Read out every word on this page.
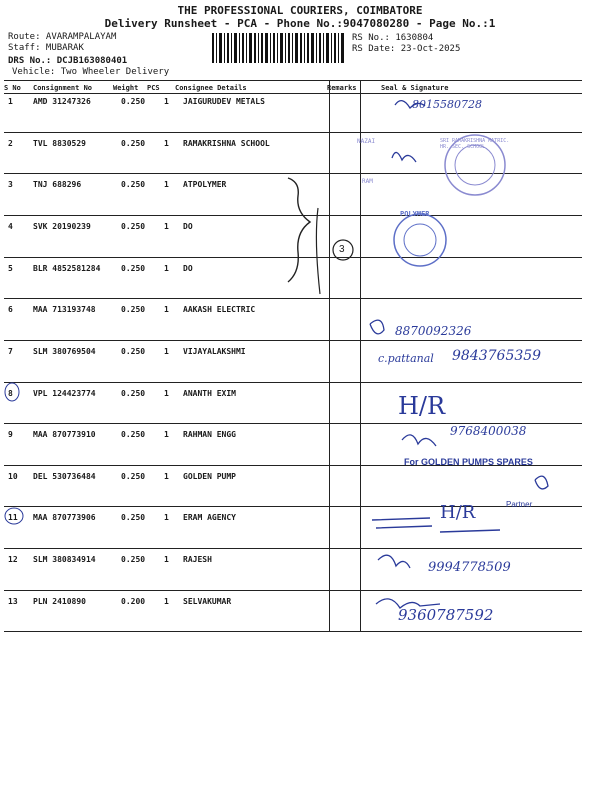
THE PROFESSIONAL COURIERS, COIMBATORE
Delivery Runsheet - PCA - Phone No.:9047080280 - Page No.:1
Route: AVARAMPALAYAM
Staff: MUBARAK
DRS No.: DCJB163080401
Vehicle: Two Wheeler Delivery
RS No.: 1630804
RS Date: 23-Oct-2025
S No Consignment No	Weight PCS Consignee Details	Remarks	Seal & Signature
1	AMD 31247326	0.250 1 JAIGURUDEV METALS
2	TVL 8830529	0.250 1 RAMAKRISHNA SCHOOL
3	TNJ 688296	0.250 1 ATPOLYMER
4	SVK 20190239	0.250 1 DO
5	BLR 4852581284	0.250 1 DO
6	MAA 713193748	0.250 1 AAKASH ELECTRIC
7	SLM 380769504	0.250 1 VIJAYALAKSHMI
8	VPL 124423774	0.250 1 ANANTH EXIM
9	MAA 870773910	0.250 1 RAHMAN ENGG
10 DEL 530736484	0.250 1 GOLDEN PUMP
11 MAA 870773906	0.250 1 ERAM AGENCY
12 SLM 380834914	0.250 1 RAJESH
13 PLN 2410890	0.200 1 SELVAKUMAR
NAZAI
RAM
SRI RAMAKRISHNA MATRIC. HR. SEC. SCHOOL
POLYMER
8015580728
8870092326
c.pattanal 9843765359
H/R
9768400038
For GOLDEN PUMPS SPARES
Partner
H/R
9994778509
9360787592
3
